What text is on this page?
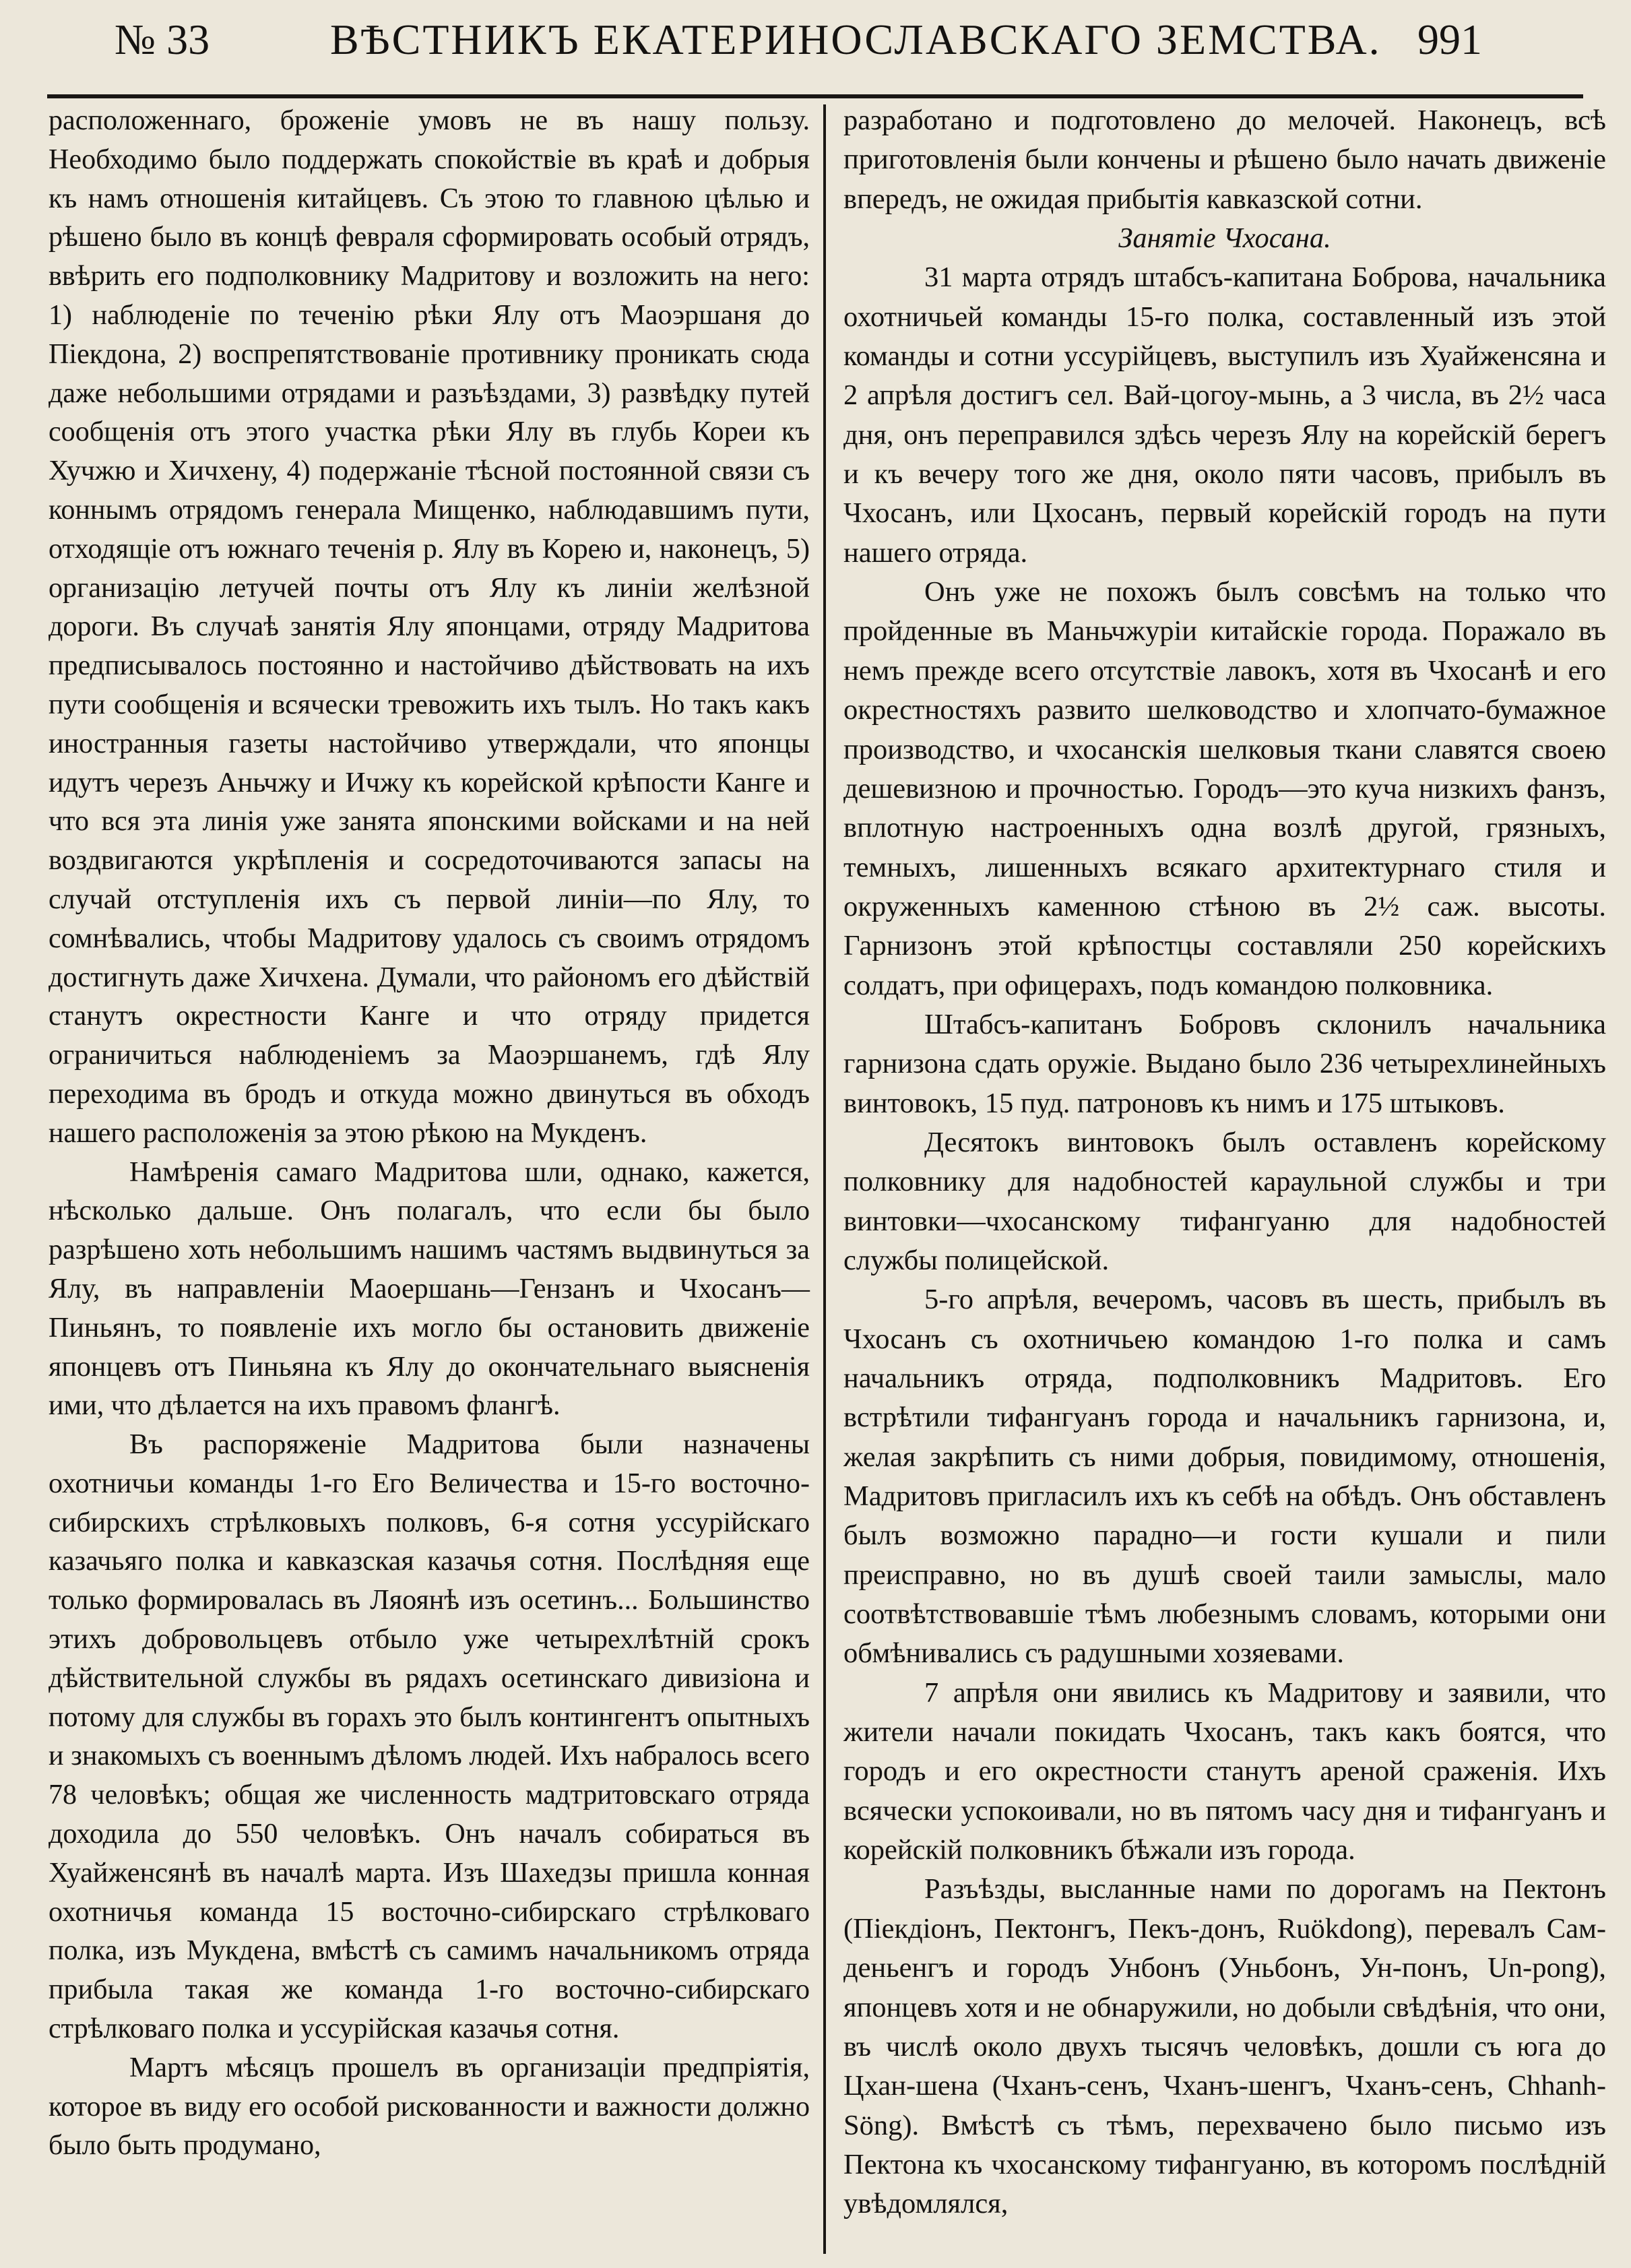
№ 33	ВѢСТНИКЪ ЕКАТЕРИНОСЛАВСКАГО ЗЕМСТВА. 991

расположеннаго, броженіе умовъ не въ нашу пользу. Необходимо было поддержать спокойствіе въ краѣ и добрыя къ намъ отношенія китайцевъ. Съ этою то главною цѣлью и рѣшено было въ концѣ февраля сформировать особый отрядъ, ввѣрить его подполковнику Мадритову и возложить на него: 1) наблюденіе по теченію рѣки Ялу отъ Маоэршаня до Піекдона, 2) воспрепятствованіе противнику проникать сюда даже небольшими отрядами и разъѣздами, 3) развѣдку путей сообщенія отъ этого участка рѣки Ялу въ глубь Кореи къ Хучжю и Хичхену, 4) подержаніе тѣсной постоянной связи съ коннымъ отрядомъ генерала Мищенко, наблюдавшимъ пути, отходящіе отъ южнаго теченія р. Ялу въ Корею и, наконецъ, 5) организацію летучей почты отъ Ялу къ линіи желѣзной дороги. Въ случаѣ занятія Ялу японцами, отряду Мадритова предписывалось постоянно и настойчиво дѣйствовать на ихъ пути сообщенія и всячески тревожить ихъ тылъ. Но такъ какъ иностранныя газеты настойчиво утверждали, что японцы идутъ черезъ Аньчжу и Ичжу къ корейской крѣпости Канге и что вся эта линія уже занята японскими войсками и на ней воздвигаются укрѣпленія и сосредоточиваются запасы на случай отступленія ихъ съ первой линіи—по Ялу, то сомнѣвались, чтобы Мадритову удалось съ своимъ отрядомъ достигнуть даже Хичхена. Думали, что райономъ его дѣйствій станутъ окрестности Канге и что отряду придется ограничиться наблюденіемъ за Маоэршанемъ, гдѣ Ялу переходима въ бродъ и откуда можно двинуться въ обходъ нашего расположенія за этою рѣкою на Мукденъ.

Намѣренія самаго Мадритова шли, однако, кажется, нѣсколько дальше. Онъ полагалъ, что если бы было разрѣшено хоть небольшимъ нашимъ частямъ выдвинуться за Ялу, въ направленіи Маоершань—Гензанъ и Чхосанъ—Пиньянъ, то появленіе ихъ могло бы остановить движеніе японцевъ отъ Пиньяна къ Ялу до окончательнаго выясненія ими, что дѣлается на ихъ правомъ флангѣ.

Въ распоряженіе Мадритова были назначены охотничьи команды 1-го Его Величества и 15-го восточно-сибирскихъ стрѣлковыхъ полковъ, 6-я сотня уссурійскаго казачьяго полка и кавказская казачья сотня. Послѣдняя еще только формировалась въ Ляоянѣ изъ осетинъ... Большинство этихъ добровольцевъ отбыло уже четырехлѣтній срокъ дѣйствительной службы въ рядахъ осетинскаго дивизіона и потому для службы въ горахъ это былъ контингентъ опытныхъ и знакомыхъ съ военнымъ дѣломъ людей. Ихъ набралось всего 78 человѣкъ; общая же численность мадтритовскаго отряда доходила до 550 человѣкъ. Онъ началъ собираться въ Хуайженсянѣ въ началѣ марта. Изъ Шахедзы пришла конная охотничья команда 15 восточно-сибирскаго стрѣлковаго полка, изъ Мукдена, вмѣстѣ съ самимъ начальникомъ отряда прибыла такая же команда 1-го восточно-сибирскаго стрѣлковаго полка и уссурійская казачья сотня.

Мартъ мѣсяцъ прошелъ въ организаціи предпріятія, которое въ виду его особой рискованности и важности должно было быть продумано,

разработано и подготовлено до мелочей. Наконецъ, всѣ приготовленія были кончены и рѣшено было начать движеніе впередъ, не ожидая прибытія кавказской сотни.

Занятіе Чхосана.

31 марта отрядъ штабсъ-капитана Боброва, начальника охотничьей команды 15-го полка, составленный изъ этой команды и сотни уссурійцевъ, выступилъ изъ Хуайженсяна и 2 апрѣля достигъ сел. Вай-цогоу-мынь, а 3 числа, въ 2½ часа дня, онъ переправился здѣсь черезъ Ялу на корейскій берегъ и къ вечеру того же дня, около пяти часовъ, прибылъ въ Чхосанъ, или Цхосанъ, первый корейскій городъ на пути нашего отряда.

Онъ уже не похожъ былъ совсѣмъ на только что пройденные въ Маньчжуріи китайскіе города. Поражало въ немъ прежде всего отсутствіе лавокъ, хотя въ Чхосанѣ и его окрестностяхъ развито шелководство и хлопчато-бумажное производство, и чхосанскія шелковыя ткани славятся своею дешевизною и прочностью. Городъ—это куча низкихъ фанзъ, вплотную настроенныхъ одна возлѣ другой, грязныхъ, темныхъ, лишенныхъ всякаго архитектурнаго стиля и окруженныхъ каменною стѣною въ 2½ саж. высоты. Гарнизонъ этой крѣпостцы составляли 250 корейскихъ солдатъ, при офицерахъ, подъ командою полковника.

Штабсъ-капитанъ Бобровъ склонилъ начальника гарнизона сдать оружіе. Выдано было 236 четырехлинейныхъ винтовокъ, 15 пуд. патроновъ къ нимъ и 175 штыковъ.

Десятокъ винтовокъ былъ оставленъ корейскому полковнику для надобностей караульной службы и три винтовки—чхосанскому тифангуаню для надобностей службы полицейской.

5-го апрѣля, вечеромъ, часовъ въ шесть, прибылъ въ Чхосанъ съ охотничьею командою 1-го полка и самъ начальникъ отряда, подполковникъ Мадритовъ. Его встрѣтили тифангуанъ города и начальникъ гарнизона, и, желая закрѣпить съ ними добрыя, повидимому, отношенія, Мадритовъ пригласилъ ихъ къ себѣ на обѣдъ. Онъ обставленъ былъ возможно парадно—и гости кушали и пили преисправно, но въ душѣ своей таили замыслы, мало соотвѣтствовавшіе тѣмъ любезнымъ словамъ, которыми они обмѣнивались съ радушными хозяевами.

7 апрѣля они явились къ Мадритову и заявили, что жители начали покидать Чхосанъ, такъ какъ боятся, что городъ и его окрестности станутъ ареной сраженія. Ихъ всячески успокоивали, но въ пятомъ часу дня и тифангуанъ и корейскій полковникъ бѣжали изъ города.

Разъѣзды, высланные нами по дорогамъ на Пектонъ (Піекдіонъ, Пектонгъ, Пекъ-донъ, Ruökdong), перевалъ Сам-деньенгъ и городъ Унбонъ (Уньбонъ, Ун-понъ, Un-pong), японцевъ хотя и не обнаружили, но добыли свѣдѣнія, что они, въ числѣ около двухъ тысячъ человѣкъ, дошли съ юга до Цхан-шена (Чханъ-сенъ, Чханъ-шенгъ, Чханъ-сенъ, Chhanh-Söng). Вмѣстѣ съ тѣмъ, перехвачено было письмо изъ Пектона къ чхосанскому тифангуаню, въ которомъ послѣдній увѣдомлялся,
